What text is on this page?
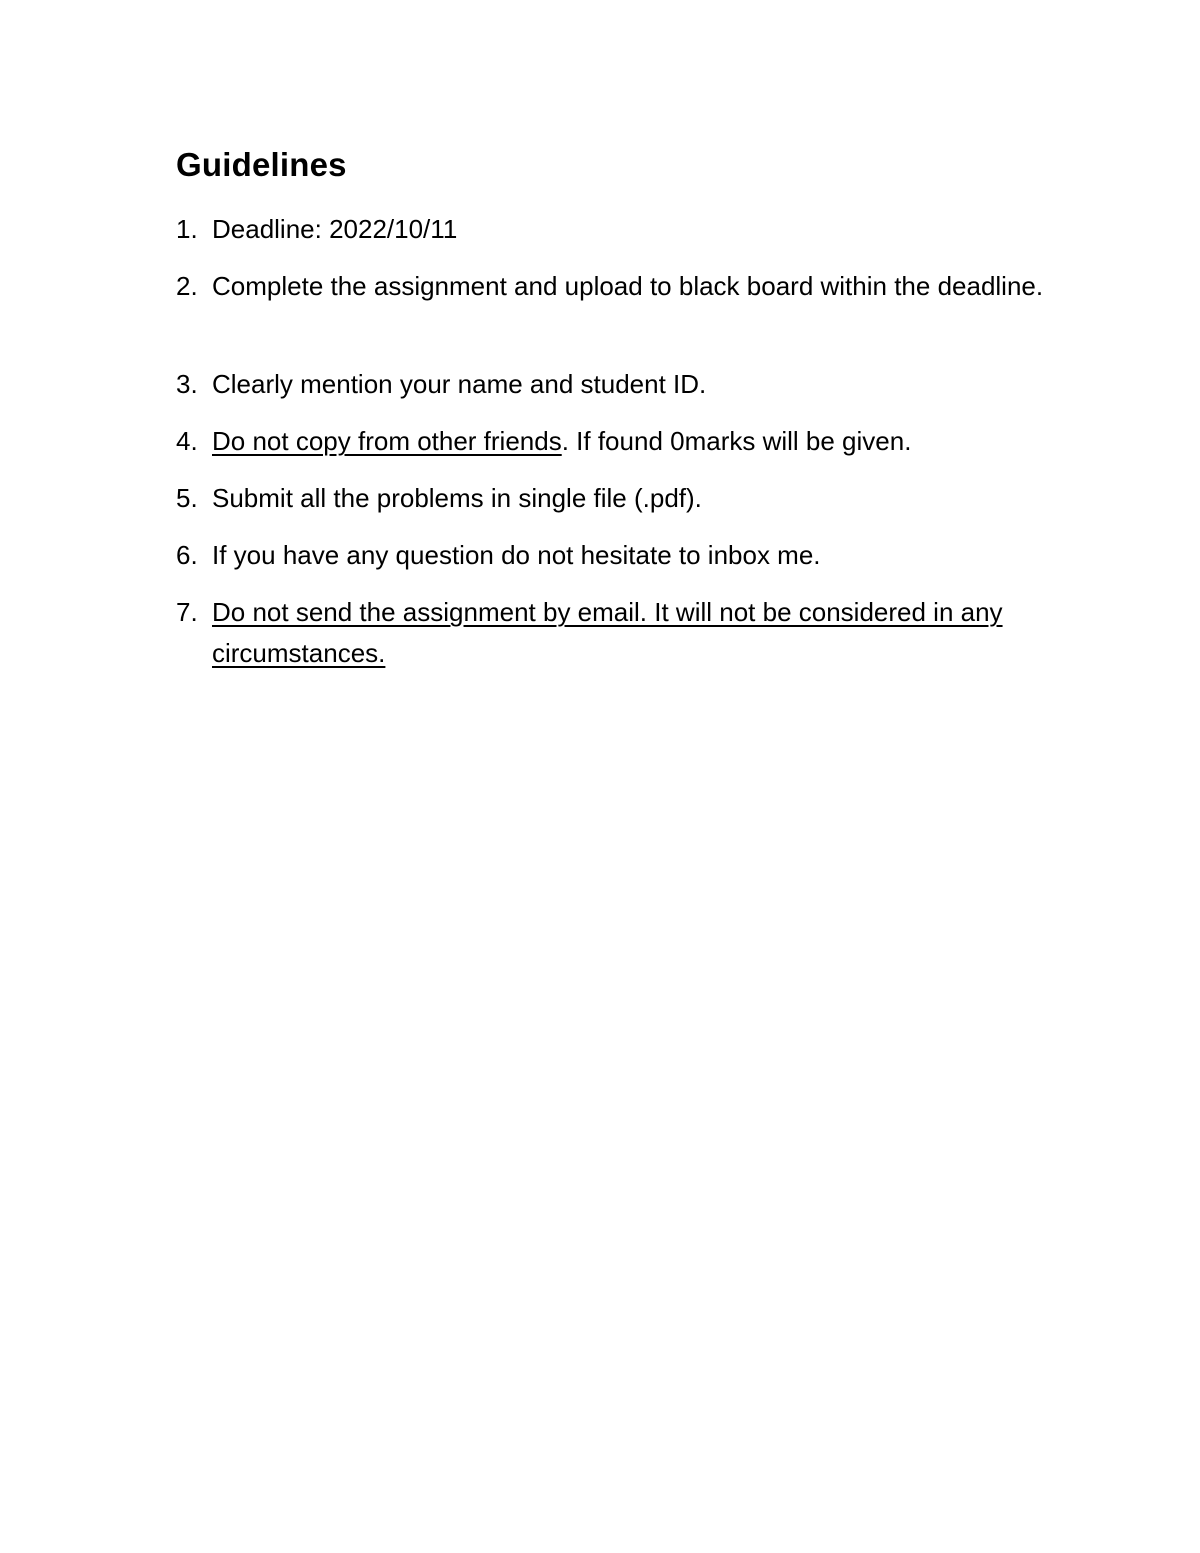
Guidelines
1. Deadline: 2022/10/11
2. Complete the assignment and upload to black board within the deadline.
3. Clearly mention your name and student ID.
4. Do not copy from other friends. If found 0marks will be given.
5. Submit all the problems in single file (.pdf).
6. If you have any question do not hesitate to inbox me.
7. Do not send the assignment by email. It will not be considered in any circumstances.
